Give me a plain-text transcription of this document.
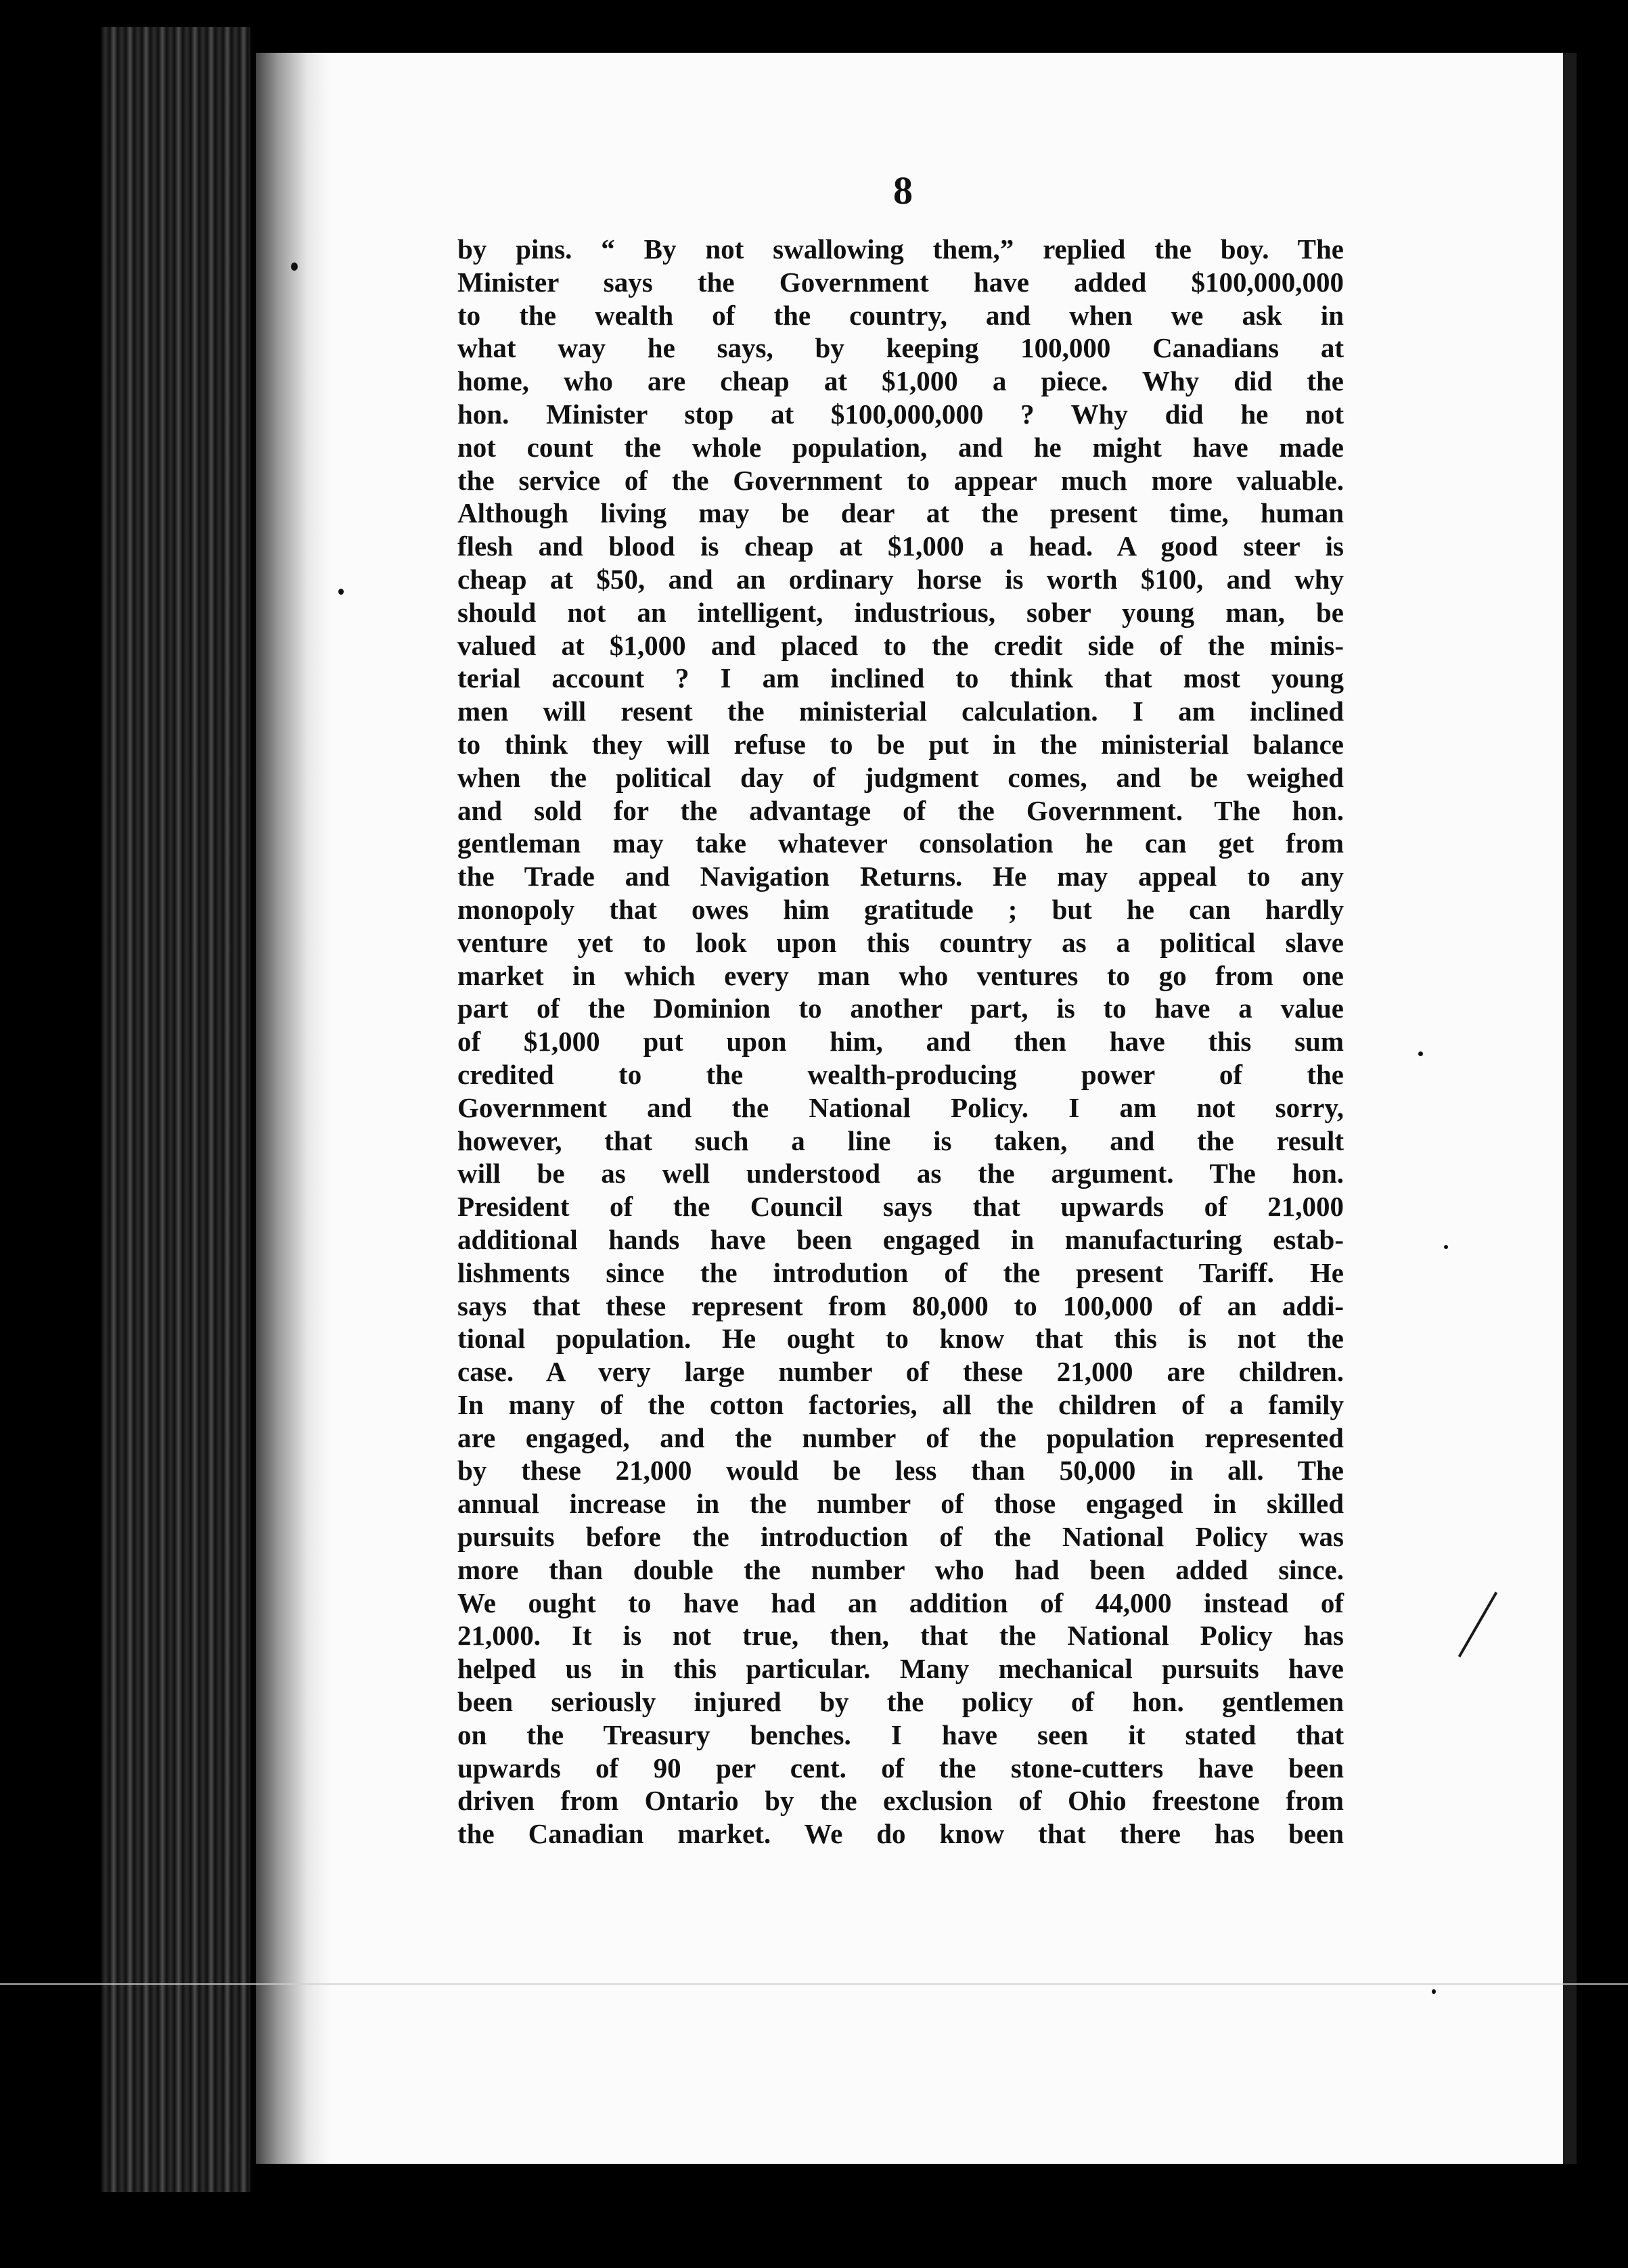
8
by pins. “ By not swallowing them,” replied the boy. The
Minister says the Government have added $100,000,000
to the wealth of the country, and when we ask in
what way he says, by keeping 100,000 Canadians at
home, who are cheap at $1,000 a piece. Why did the
hon. Minister stop at $100,000,000 ? Why did he not
not count the whole population, and he might have made
the service of the Government to appear much more valuable.
Although living may be dear at the present time, human
flesh and blood is cheap at $1,000 a head. A good steer is
cheap at $50, and an ordinary horse is worth $100, and why
should not an intelligent, industrious, sober young man, be
valued at $1,000 and placed to the credit side of the minis-
terial account ? I am inclined to think that most young
men will resent the ministerial calculation. I am inclined
to think they will refuse to be put in the ministerial balance
when the political day of judgment comes, and be weighed
and sold for the advantage of the Government. The hon.
gentleman may take whatever consolation he can get from
the Trade and Navigation Returns. He may appeal to any
monopoly that owes him gratitude ; but he can hardly
venture yet to look upon this country as a political slave
market in which every man who ventures to go from one
part of the Dominion to another part, is to have a value
of $1,000 put upon him, and then have this sum
credited to the wealth-producing power of the
Government and the National Policy. I am not sorry,
however, that such a line is taken, and the result
will be as well understood as the argument. The hon.
President of the Council says that upwards of 21,000
additional hands have been engaged in manufacturing estab-
lishments since the introdution of the present Tariff. He
says that these represent from 80,000 to 100,000 of an addi-
tional population. He ought to know that this is not the
case. A very large number of these 21,000 are children.
In many of the cotton factories, all the children of a family
are engaged, and the number of the population represented
by these 21,000 would be less than 50,000 in all. The
annual increase in the number of those engaged in skilled
pursuits before the introduction of the National Policy was
more than double the number who had been added since.
We ought to have had an addition of 44,000 instead of
21,000. It is not true, then, that the National Policy has
helped us in this particular. Many mechanical pursuits have
been seriously injured by the policy of hon. gentlemen
on the Treasury benches. I have seen it stated that
upwards of 90 per cent. of the stone-cutters have been
driven from Ontario by the exclusion of Ohio freestone from
the Canadian market. We do know that there has been
